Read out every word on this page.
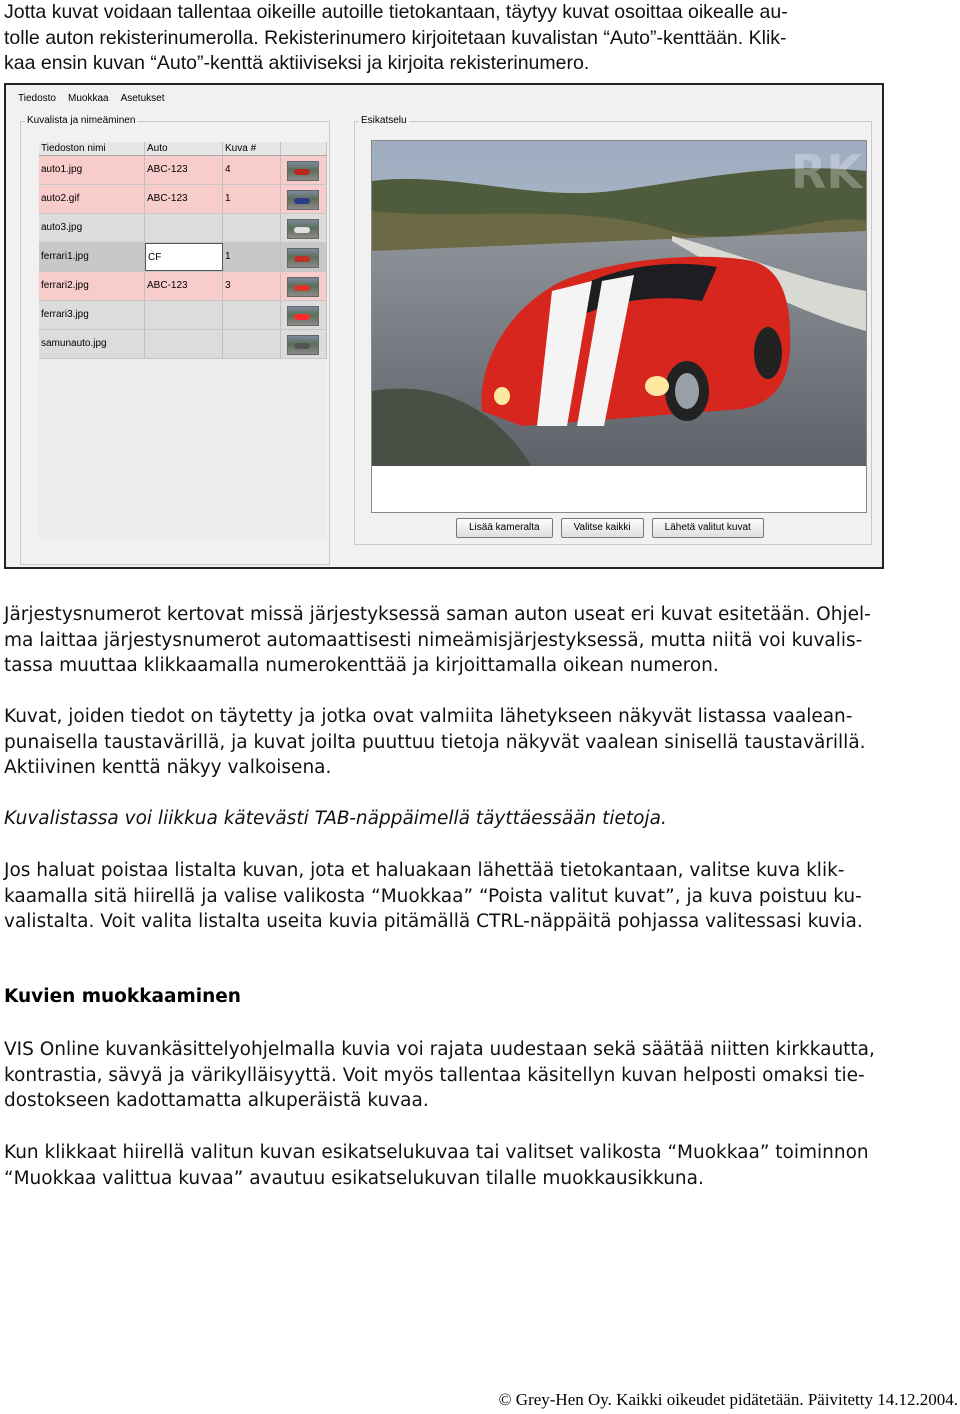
Jotta kuvat voidaan tallentaa oikeille autoille tietokantaan, täytyy kuvat osoittaa oikealle au-
tolle auton rekisterinumerolla. Rekisterinumero kirjoitetaan kuvalistan “Auto”-kenttään. Klik-
kaa ensin kuvan “Auto”-kenttä aktiiviseksi ja kirjoita rekisterinumero.
Tiedosto Muokkaa Asetukset
Kuvalista ja nimeäminen
Tiedoston nimi	Auto	Kuva #
auto1.jpg	ABC-123	4
auto2.gif	ABC-123	1
auto3.jpg
ferrari1.jpg	CF	1
ferrari2.jpg	ABC-123	3
ferrari3.jpg
samunauto.jpg
Esikatselu
RK
Lisää kameralta	Valitse kaikki	Lähetä valitut kuvat
Järjestysnumerot kertovat missä järjestyksessä saman auton useat eri kuvat esitetään. Ohjel-
ma laittaa järjestysnumerot automaattisesti nimeämisjärjestyksessä, mutta niitä voi kuvalis-
tassa muuttaa klikkaamalla numerokenttää ja kirjoittamalla oikean numeron.
Kuvat, joiden tiedot on täytetty ja jotka ovat valmiita lähetykseen näkyvät listassa vaalean-
punaisella taustavärillä, ja kuvat joilta puuttuu tietoja näkyvät vaalean sinisellä taustavärillä.
Aktiivinen kenttä näkyy valkoisena.
Kuvalistassa voi liikkua kätevästi TAB-näppäimellä täyttäessään tietoja.
Jos haluat poistaa listalta kuvan, jota et haluakaan lähettää tietokantaan, valitse kuva klik-
kaamalla sitä hiirellä ja valise valikosta “Muokkaa” “Poista valitut kuvat”, ja kuva poistuu ku-
valistalta. Voit valita listalta useita kuvia pitämällä CTRL-näppäitä pohjassa valitessasi kuvia.
Kuvien muokkaaminen
VIS Online kuvankäsittelyohjelmalla kuvia voi rajata uudestaan sekä säätää niitten kirkkautta,
kontrastia, sävyä ja värikylläisyyttä. Voit myös tallentaa käsitellyn kuvan helposti omaksi tie-
dostokseen kadottamatta alkuperäistä kuvaa.
Kun klikkaat hiirellä valitun kuvan esikatselukuvaa tai valitset valikosta “Muokkaa” toiminnon
“Muokkaa valittua kuvaa” avautuu esikatselukuvan tilalle muokkausikkuna.
© Grey-Hen Oy. Kaikki oikeudet pidätetään. Päivitetty 14.12.2004.
